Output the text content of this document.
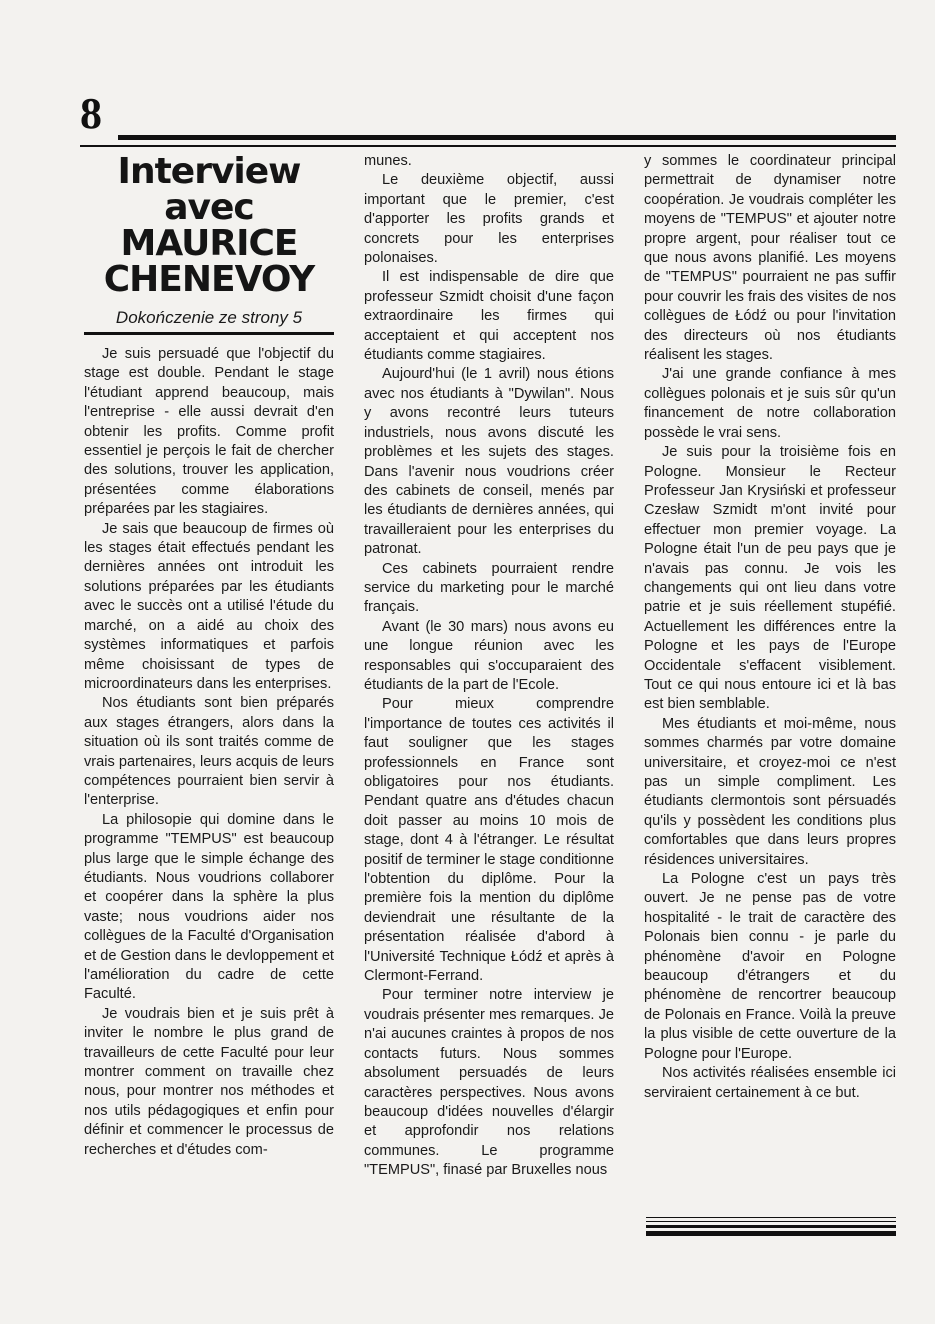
8
Interview
avec
MAURICE
CHENEVOY
Dokończenie ze strony 5

Je suis persuadé que l'objectif du stage est double. Pendant le stage l'étudiant apprend beaucoup, mais l'entreprise - elle aussi devrait d'en obtenir les profits. Comme profit essentiel je perçois le fait de chercher des solutions, trouver les application, présentées comme élaborations préparées par les stagiaires.

Je sais que beaucoup de firmes où les stages était effectués pendant les dernières années ont introduit les solutions préparées par les étudiants avec le succès ont a utilisé l'étude du marché, on a aidé au choix des systèmes informatiques et parfois même choisissant de types de microordinateurs dans les enterprises.

Nos étudiants sont bien préparés aux stages étrangers, alors dans la situation où ils sont traités comme de vrais partenaires, leurs acquis de leurs compétences pourraient bien servir à l'enterprise.

La philosopie qui domine dans le programme "TEMPUS" est beaucoup plus large que le simple échange des étudiants. Nous voudrions collaborer et coopérer dans la sphère la plus vaste; nous voudrions aider nos collègues de la Faculté d'Organisation et de Gestion dans le devloppement et l'amélioration du cadre de cette Faculté.

Je voudrais bien et je suis prêt à inviter le nombre le plus grand de travailleurs de cette Faculté pour leur montrer comment on travaille chez nous, pour montrer nos méthodes et nos utils pédagogiques et enfin pour définir et commencer le processus de recherches et d'études com-

munes.

Le deuxième objectif, aussi important que le premier, c'est d'apporter les profits grands et concrets pour les enterprises polonaises.

Il est indispensable de dire que professeur Szmidt choisit d'une façon extraordinaire les firmes qui acceptaient et qui acceptent nos étudiants comme stagiaires.

Aujourd'hui (le 1 avril) nous étions avec nos étudiants à "Dywilan". Nous y avons recontré leurs tuteurs industriels, nous avons discuté les problèmes et les sujets des stages. Dans l'avenir nous voudrions créer des cabinets de conseil, menés par les étudiants de dernières années, qui travailleraient pour les enterprises du patronat.

Ces cabinets pourraient rendre service du marketing pour le marché français.

Avant (le 30 mars) nous avons eu une longue réunion avec les responsables qui s'occuparaient des étudiants de la part de l'Ecole.

Pour mieux comprendre l'importance de toutes ces activités il faut souligner que les stages professionnels en France sont obligatoires pour nos étudiants. Pendant quatre ans d'études chacun doit passer au moins 10 mois de stage, dont 4 à l'étranger. Le résultat positif de terminer le stage conditionne l'obtention du diplôme. Pour la première fois la mention du diplôme deviendrait une résultante de la présentation réalisée d'abord à l'Université Technique Łódź et après à Clermont-Ferrand.

Pour terminer notre interview je voudrais présenter mes remarques. Je n'ai aucunes craintes à propos de nos contacts futurs. Nous sommes absolument persuadés de leurs caractères perspectives. Nous avons beaucoup d'idées nouvelles d'élargir et approfondir nos relations communes. Le programme "TEMPUS", finasé par Bruxelles nous

y sommes le coordinateur principal permettrait de dynamiser notre coopération. Je voudrais compléter les moyens de "TEMPUS" et ajouter notre propre argent, pour réaliser tout ce que nous avons planifié. Les moyens de "TEMPUS" pourraient ne pas suffir pour couvrir les frais des visites de nos collègues de Łódź ou pour l'invitation des directeurs où nos étudiants réalisent les stages.

J'ai une grande confiance à mes collègues polonais et je suis sûr qu'un financement de notre collaboration possède le vrai sens.

Je suis pour la troisième fois en Pologne. Monsieur le Recteur Professeur Jan Krysiński et professeur Czesław Szmidt m'ont invité pour effectuer mon premier voyage. La Pologne était l'un de peu pays que je n'avais pas connu. Je vois les changements qui ont lieu dans votre patrie et je suis réellement stupéfié. Actuellement les différences entre la Pologne et les pays de l'Europe Occidentale s'effacent visiblement. Tout ce qui nous entoure ici et là bas est bien semblable.

Mes étudiants et moi-même, nous sommes charmés par votre domaine universitaire, et croyez-moi ce n'est pas un simple compliment. Les étudiants clermontois sont pérsuadés qu'ils y possèdent les conditions plus comfortables que dans leurs propres résidences universitaires.

La Pologne c'est un pays très ouvert. Je ne pense pas de votre hospitalité - le trait de caractère des Polonais bien connu - je parle du phénomène d'avoir en Pologne beaucoup d'étrangers et du phénomène de rencortrer beaucoup de Polonais en France. Voilà la preuve la plus visible de cette ouverture de la Pologne pour l'Europe.

Nos activités réalisées ensemble ici serviraient certainement à ce but.
